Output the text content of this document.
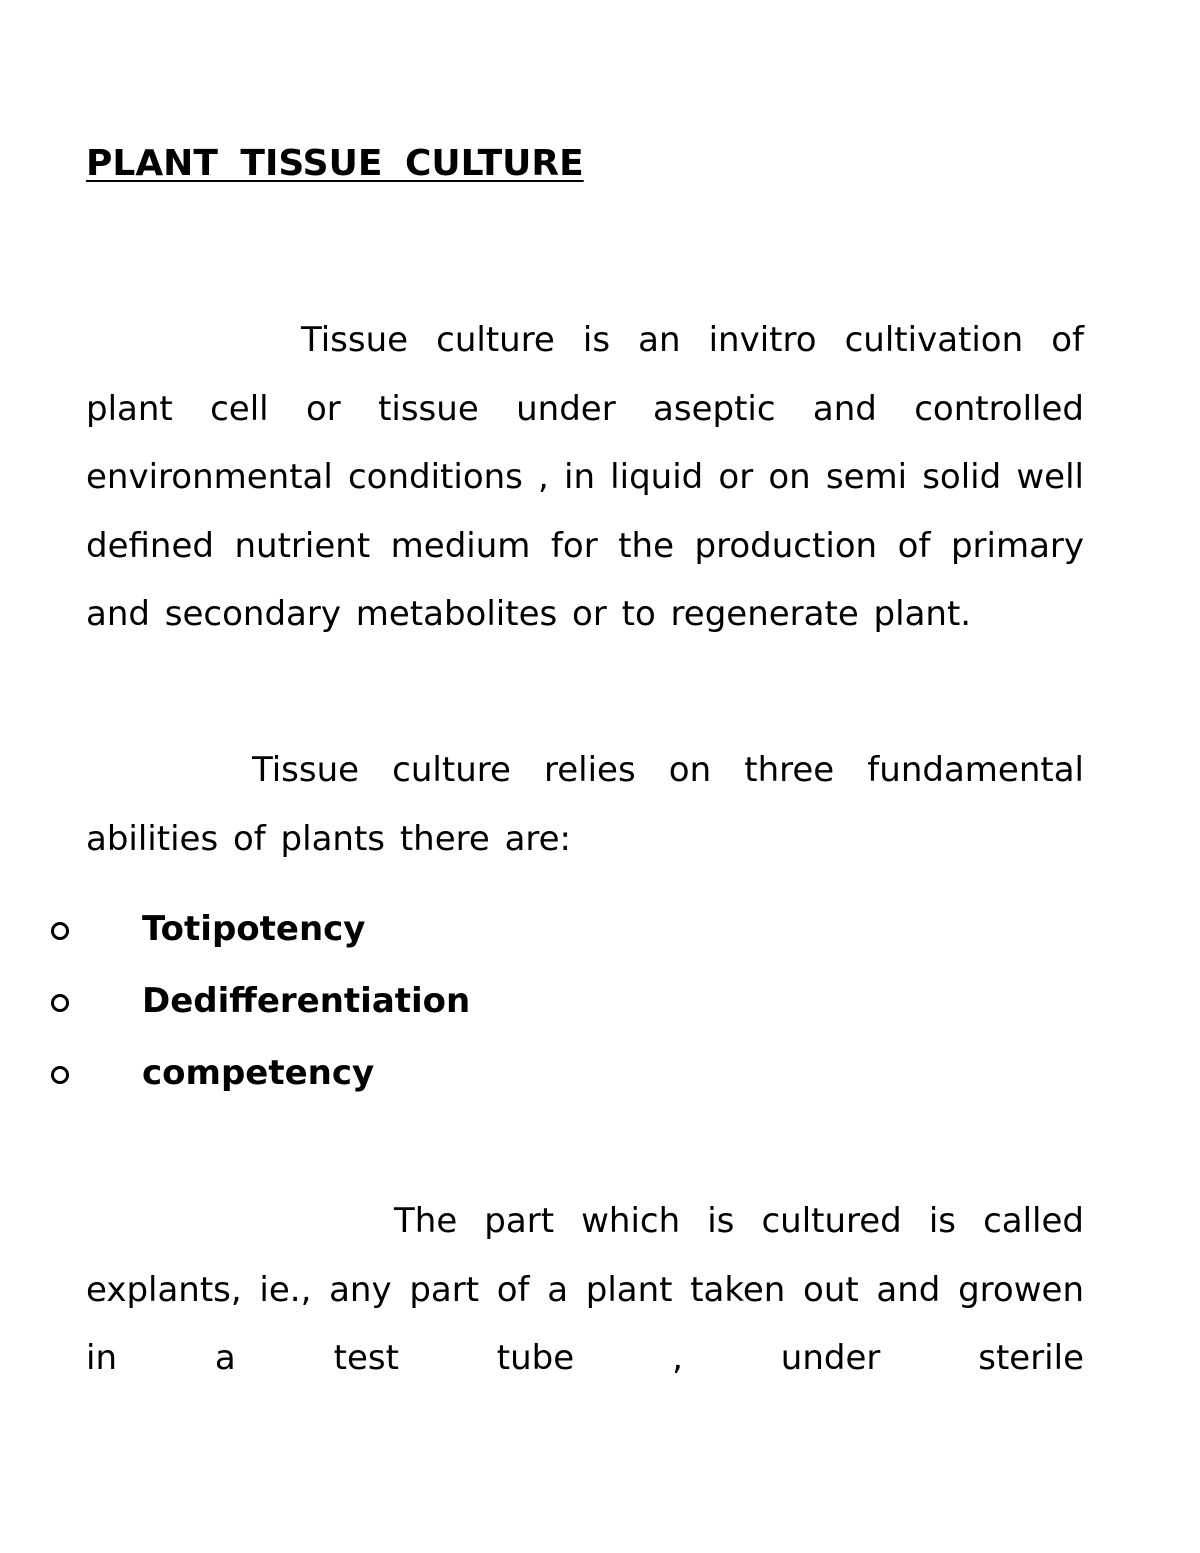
PLANT TISSUE CULTURE

Tissue culture is an invitro cultivation of plant cell or tissue under aseptic and controlled environmental conditions , in liquid or on semi solid well defined nutrient medium for the production of primary and secondary metabolites or to regenerate plant.

Tissue culture relies on three fundamental abilities of plants there are:

Totipotency
Dedifferentiation
competency

The part which is cultured is called explants, ie., any part of a plant taken out and growen in a test tube , under sterile
